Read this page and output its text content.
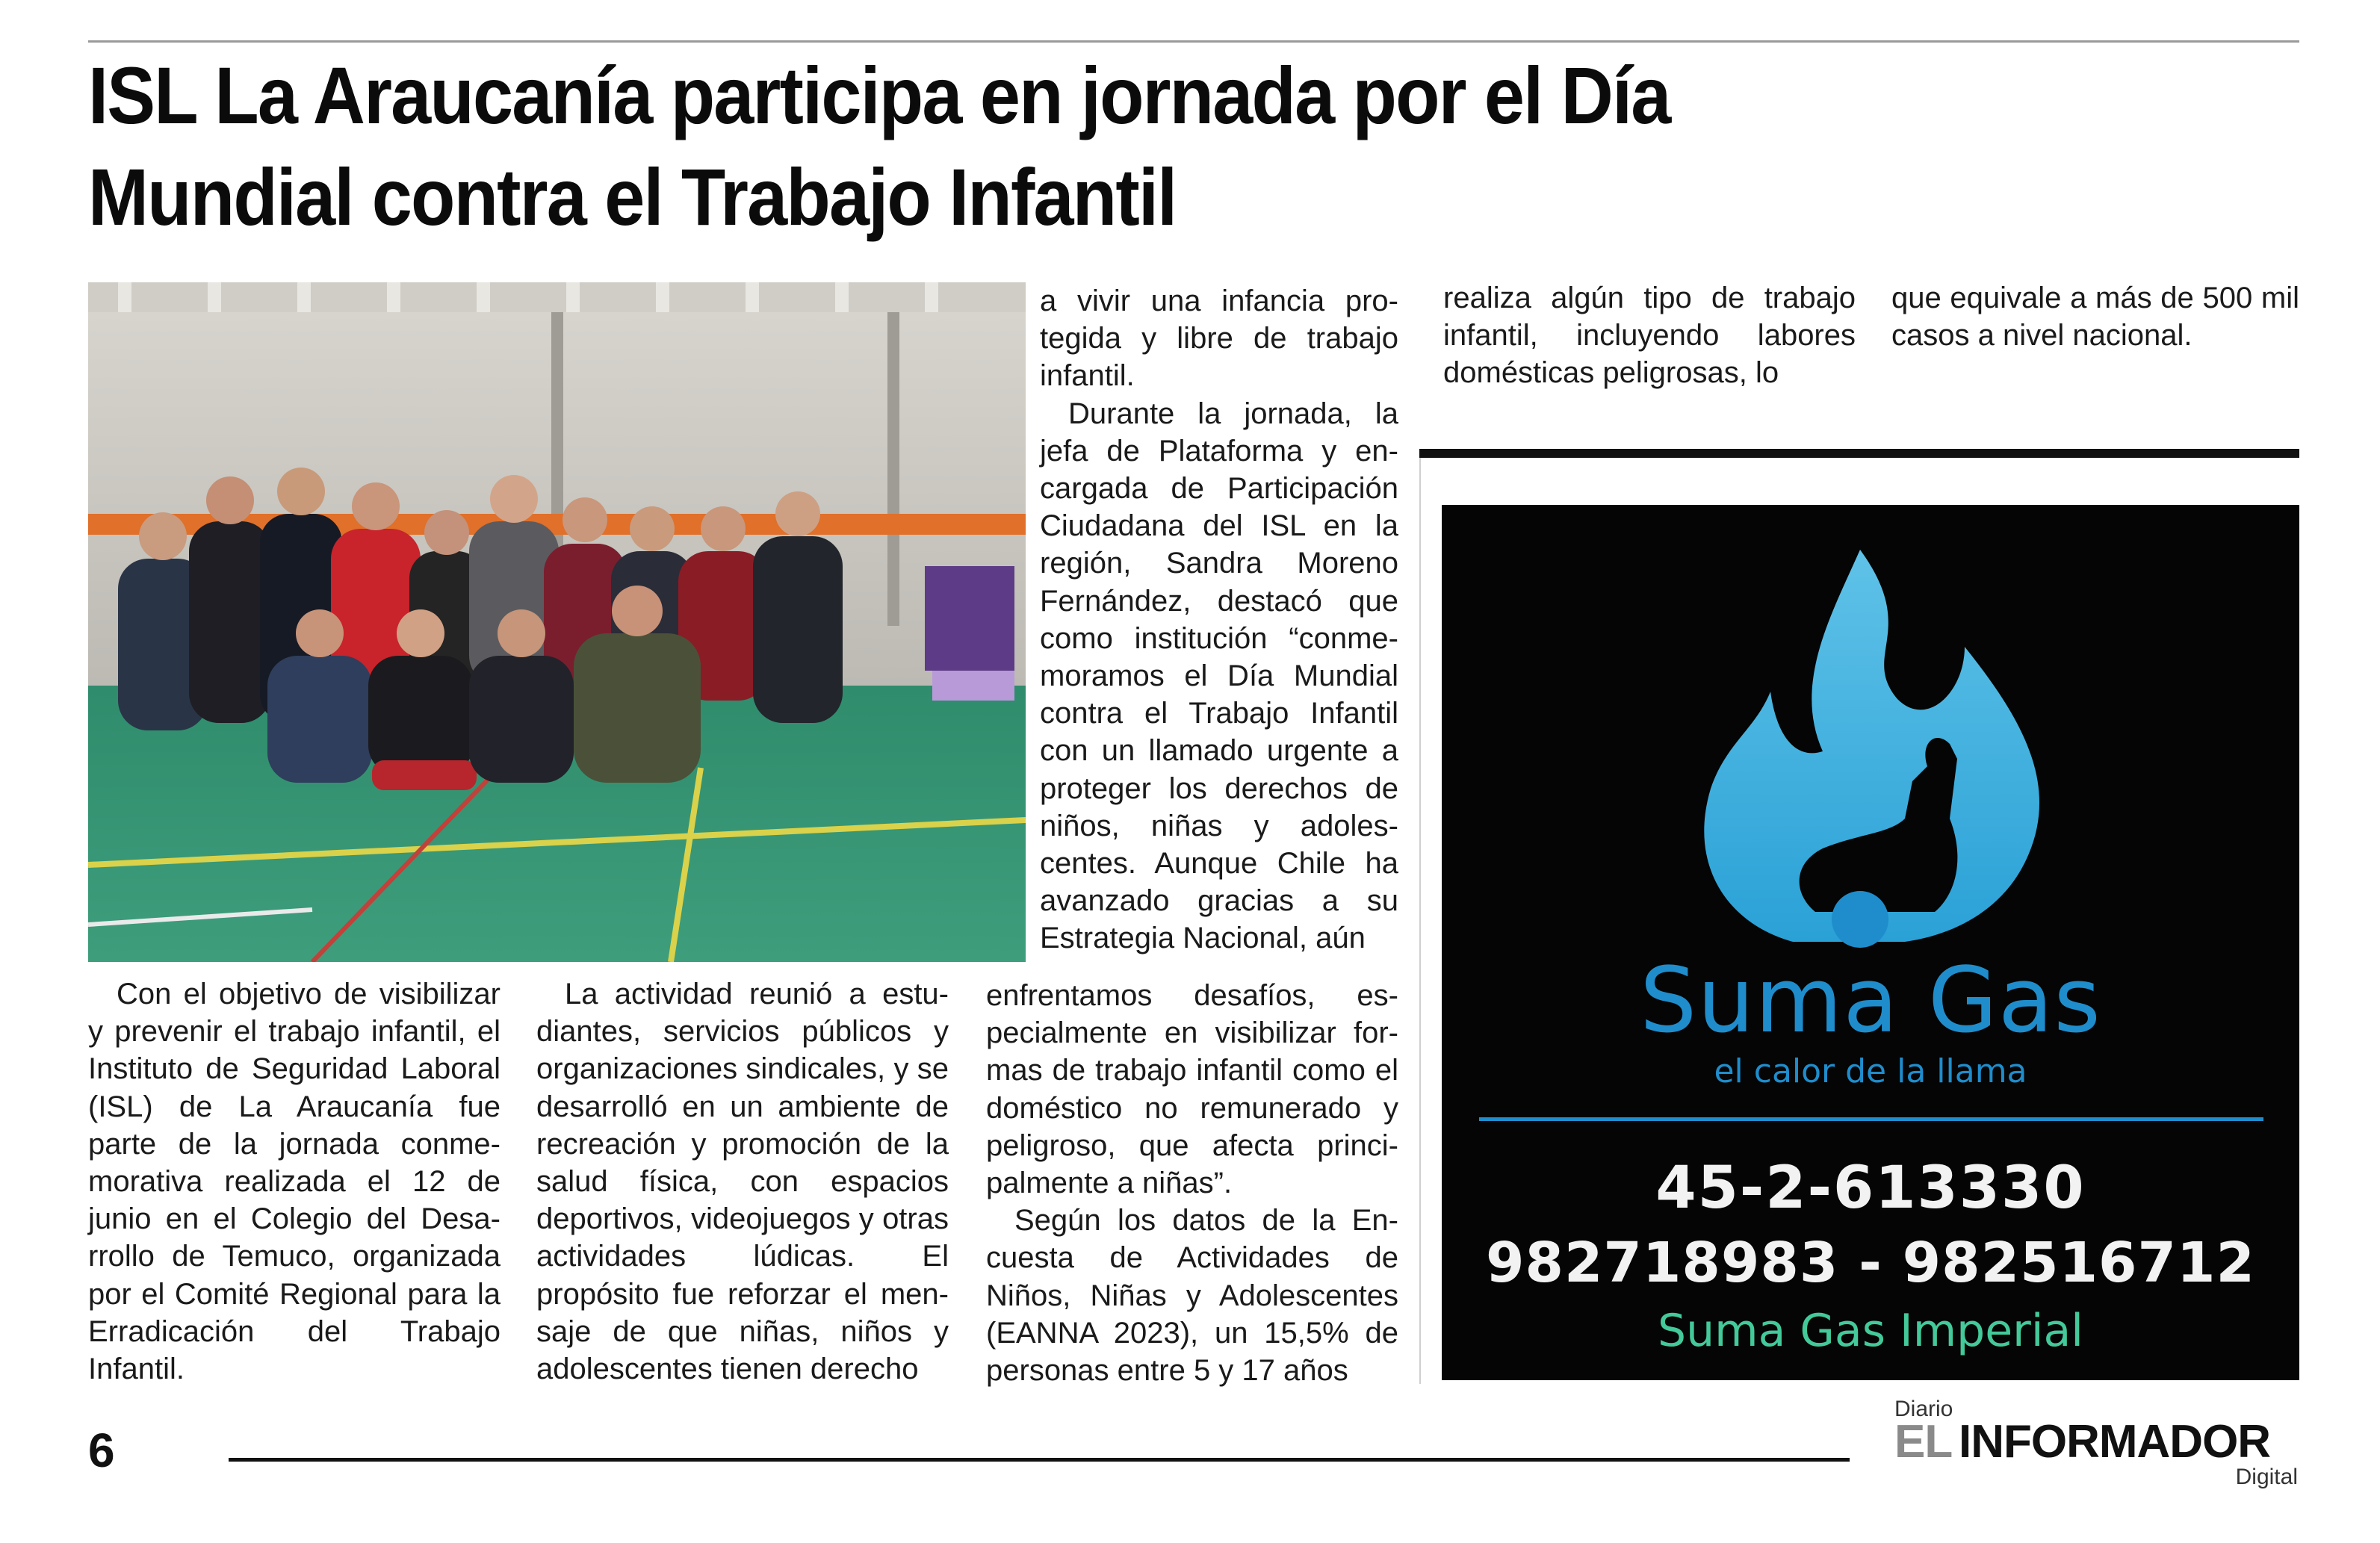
ISL La Araucanía participa en jornada por el Día
Mundial contra el Trabajo Infantil

Con el objetivo de visibilizar y prevenir el trabajo infantil, el Instituto de Seguridad Laboral (ISL) de La Araucanía fue parte de la jornada conmemorativa realizada el 12 de junio en el Colegio del Desarrollo de Temuco, organizada por el Comité Regional para la Erradicación del Trabajo Infantil.

La actividad reunió a estudiantes, servicios públicos y organizaciones sindicales, y se desarrolló en un ambiente de recreación y promoción de la salud física, con espacios deportivos, videojuegos y otras actividades lúdicas. El propósito fue reforzar el mensaje de que niñas, niños y adolescentes tienen derecho

a vivir una infancia protegida y libre de trabajo infantil.

Durante la jornada, la jefa de Plataforma y encargada de Participación Ciudadana del ISL en la región, Sandra Moreno Fernández, destacó que como institución “conmemoramos el Día Mundial contra el Trabajo Infantil con un llamado urgente a proteger los derechos de niños, niñas y adolescentes. Aunque Chile ha avanzado gracias a su Estrategia Nacional, aún

enfrentamos desafíos, especialmente en visibilizar formas de trabajo infantil como el doméstico no remunerado y peligroso, que afecta principalmente a niñas”.

Según los datos de la Encuesta de Actividades de Niños, Niñas y Adolescentes (EANNA 2023), un 15,5% de personas entre 5 y 17 años

realiza algún tipo de trabajo infantil, incluyendo labores domésticas peligrosas, lo

que equivale a más de 500 mil casos a nivel nacional.

Suma Gas
el calor de la llama
45-2-613330
982718983 - 982516712
Suma Gas Imperial
6
Diario
EL INFORMADOR
Digital
